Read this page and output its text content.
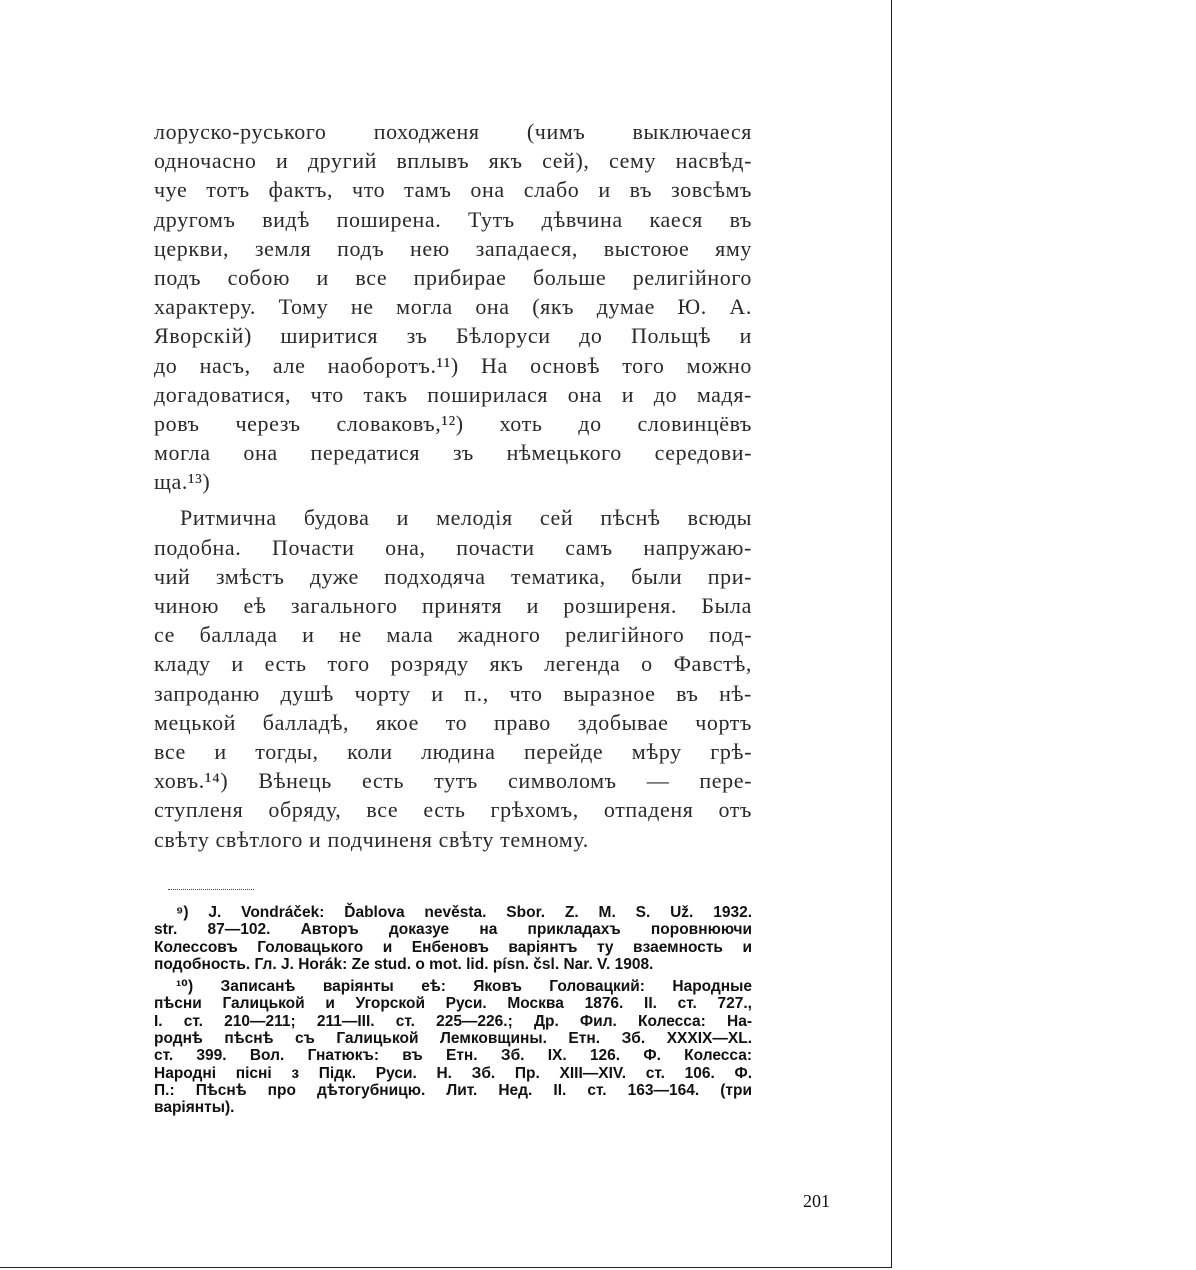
лоруско-руського походженя (чимъ выключаеся
одночасно и другий вплывъ якъ сей), сему насвѣд-
чуе тотъ фактъ, что тамъ она слабо и въ зовсѣмъ
другомъ видѣ поширена. Тутъ дѣвчина каеся въ
церкви, земля подъ нею западаеся, выстоюе яму
подъ собою и все прибирае больше религiйного
характеру. Тому не могла она (якъ думае Ю. А.
Яворскiй) ширитися зъ Бѣлоруси до Польщѣ и
до насъ, але наоборотъ.¹¹) На основѣ того можно
догадоватися, что такъ поширилася она и до мадя-
ровъ черезъ словаковъ,¹²) хоть до словинцёвъ
могла она передатися зъ нѣмецького середови-
ща.¹³)
Ритмична будова и мелодiя сей пѣснѣ всюды
подобна. Почасти она, почасти самъ напружаю-
чий змѣстъ дуже подходяча тематика, были при-
чиною еѣ загального принятя и розширеня. Была
се баллада и не мала жадного религiйного под-
кладу и есть того розряду якъ легенда о Фавстѣ,
запроданю душѣ чорту и п., что выразное въ нѣ-
мецькой балладѣ, якое то право здобывае чортъ
все и тогды, коли людина перейде мѣру грѣ-
ховъ.¹⁴) Вѣнець есть тутъ символомъ — пере-
ступленя обряду, все есть грѣхомъ, отпаденя отъ
свѣту свѣтлого и подчиненя свѣту темному.
⁹) J. Vondráček: Ďablova nevěsta. Sbor. Z. M. S. Už. 1932.
str. 87—102. Авторъ доказуе на прикладахъ поровнюючи
Колессовъ Головацького и Енбеновъ варiянтъ ту взаемность и
подобность. Гл. J. Horák: Ze stud. o mot. lid. písn. čsl. Nar. V. 1908.
¹⁰) Записанѣ варiянты еѣ: Яковъ Головацкий: Народные
пѣсни Галицькой и Угорской Руси. Москва 1876. II. ст. 727.,
I. ст. 210—211; 211—III. ст. 225—226.; Др. Фил. Колесса: На-
роднѣ пѣснѣ съ Галицькой Лемковщины. Етн. Зб. XXXIX—XL.
ст. 399. Вол. Гнатюкъ: въ Етн. Зб. IX. 126. Ф. Колесса:
Народнi пiснi з Пiдк. Руси. Н. Зб. Пр. XIII—XIV. ст. 106. Ф.
П.: Пѣснѣ про дѣтогубницю. Лит. Нед. II. ст. 163—164. (три
варiянты).
201
